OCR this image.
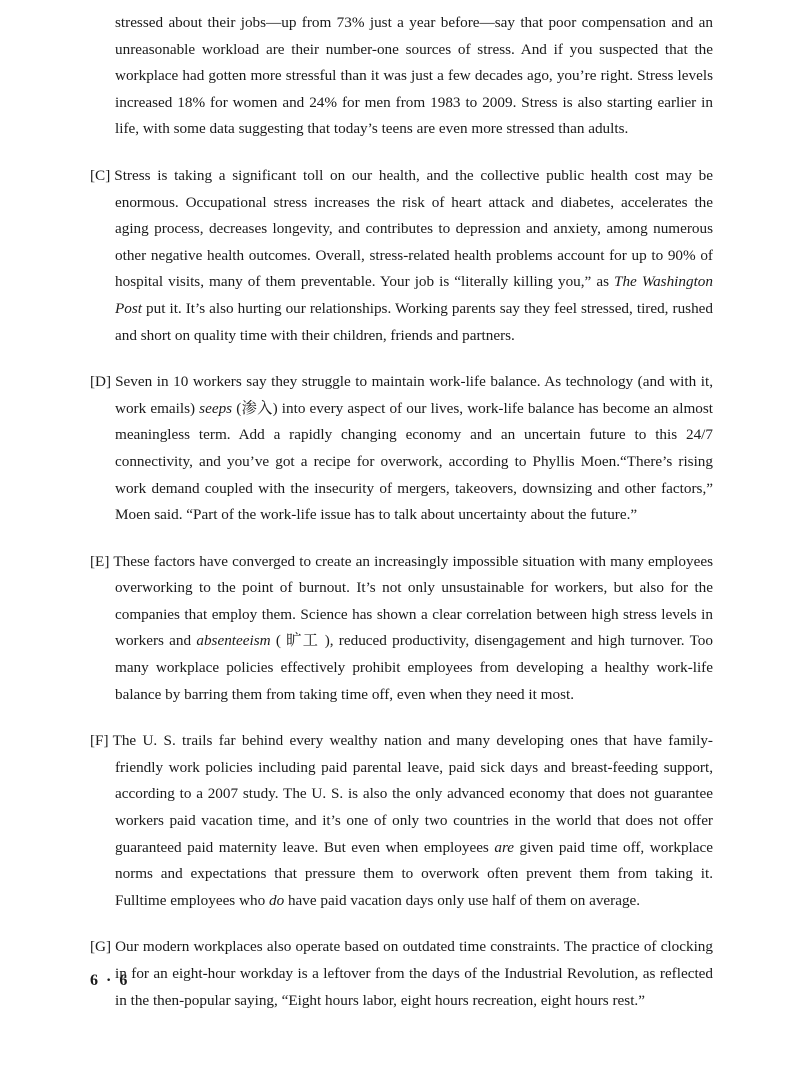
stressed about their jobs—up from 73% just a year before—say that poor compensation and an unreasonable workload are their number-one sources of stress. And if you suspected that the workplace had gotten more stressful than it was just a few decades ago, you’re right. Stress levels increased 18% for women and 24% for men from 1983 to 2009. Stress is also starting earlier in life, with some data suggesting that today’s teens are even more stressed than adults.

[C] Stress is taking a significant toll on our health, and the collective public health cost may be enormous. Occupational stress increases the risk of heart attack and diabetes, accelerates the aging process, decreases longevity, and contributes to depression and anxiety, among numerous other negative health outcomes. Overall, stress-related health problems account for up to 90% of hospital visits, many of them preventable. Your job is “literally killing you,” as The Washington Post put it. It’s also hurting our relationships. Working parents say they feel stressed, tired, rushed and short on quality time with their children, friends and partners.

[D] Seven in 10 workers say they struggle to maintain work-life balance. As technology (and with it, work emails) seeps (渗入) into every aspect of our lives, work-life balance has become an almost meaningless term. Add a rapidly changing economy and an uncertain future to this 24/7 connectivity, and you’ve got a recipe for overwork, according to Phyllis Moen.“There’s rising work demand coupled with the insecurity of mergers, takeovers, downsizing and other factors,” Moen said. “Part of the work-life issue has to talk about uncertainty about the future.”

[E] These factors have converged to create an increasingly impossible situation with many employees overworking to the point of burnout. It’s not only unsustainable for workers, but also for the companies that employ them. Science has shown a clear correlation between high stress levels in workers and absenteeism ( 旷工 ), reduced productivity, disengagement and high turnover. Too many workplace policies effectively prohibit employees from developing a healthy work-life balance by barring them from taking time off, even when they need it most.

[F] The U. S. trails far behind every wealthy nation and many developing ones that have family-friendly work policies including paid parental leave, paid sick days and breast-feeding support, according to a 2007 study. The U. S. is also the only advanced economy that does not guarantee workers paid vacation time, and it’s one of only two countries in the world that does not offer guaranteed paid maternity leave. But even when employees are given paid time off, workplace norms and expectations that pressure them to overwork often prevent them from taking it. Fulltime employees who do have paid vacation days only use half of them on average.

[G] Our modern workplaces also operate based on outdated time constraints. The practice of clocking in for an eight-hour workday is a leftover from the days of the Industrial Revolution, as reflected in the then-popular saying, “Eight hours labor, eight hours recreation, eight hours rest.”

6 · 6
